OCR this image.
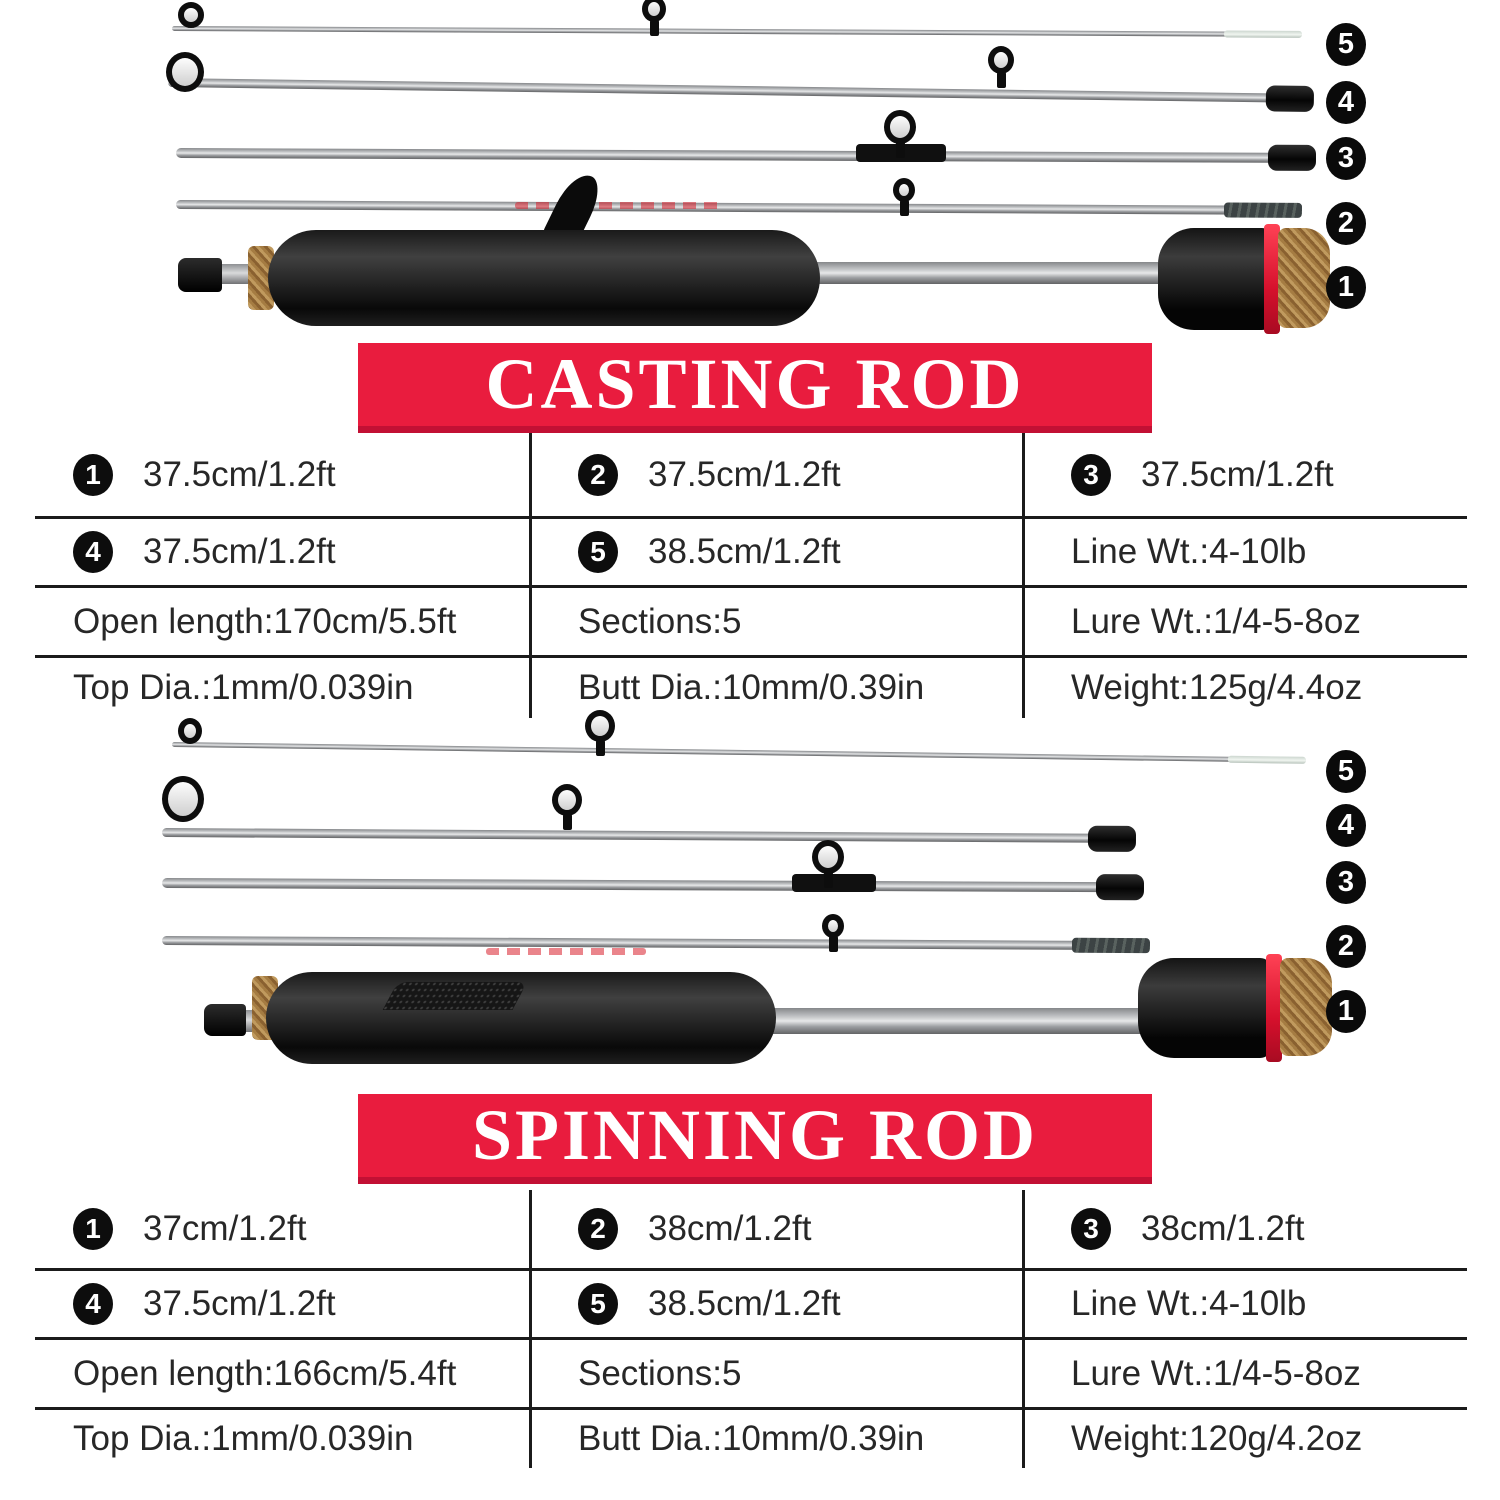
5
4
3
2
1
CASTING ROD
1	37.5cm/1.2ft	2	37.5cm/1.2ft	3	37.5cm/1.2ft
4	37.5cm/1.2ft	5	38.5cm/1.2ft	Line Wt.:4-10lb
Open length:170cm/5.5ft	Sections:5	Lure Wt.:1/4-5-8oz
Top Dia.:1mm/0.039in	Butt Dia.:10mm/0.39in	Weight:125g/4.4oz
5
4
3
2
1
SPINNING ROD
1	37cm/1.2ft	2	38cm/1.2ft	3	38cm/1.2ft
4	37.5cm/1.2ft	5	38.5cm/1.2ft	Line Wt.:4-10lb
Open length:166cm/5.4ft	Sections:5	Lure Wt.:1/4-5-8oz
Top Dia.:1mm/0.039in	Butt Dia.:10mm/0.39in	Weight:120g/4.2oz
